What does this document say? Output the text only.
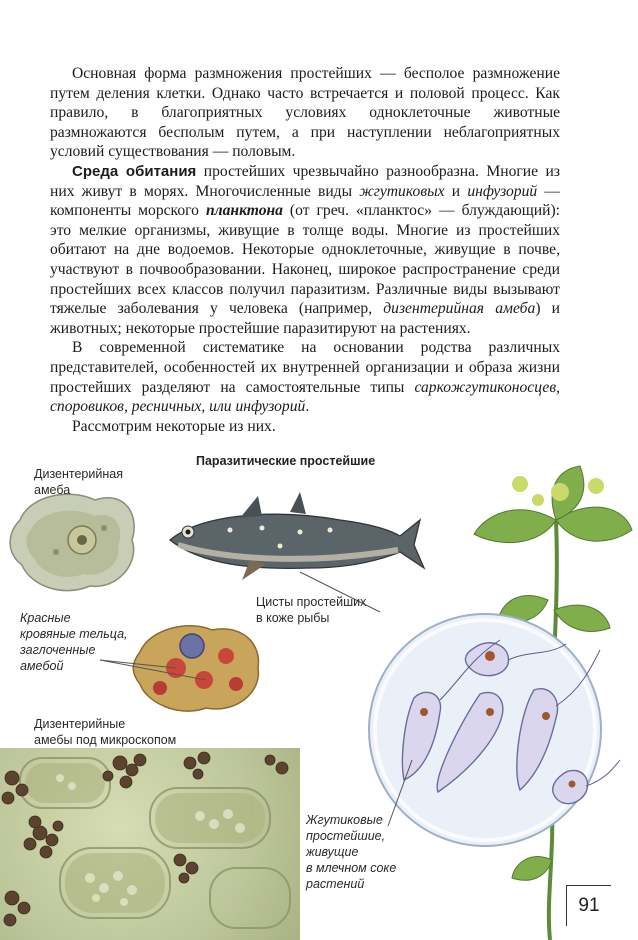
Основная форма размножения простейших — бесполое размножение путем деления клетки. Однако часто встречается и половой процесс. Как правило, в благоприятных условиях одноклеточные животные размножаются бесполым путем, а при наступлении неблагоприятных условий существования — половым.

Среда обитания простейших чрезвычайно разнообразна. Многие из них живут в морях. Многочисленные виды жгутиковых и инфузорий — компоненты морского планктона (от греч. «планктос» — блуждающий): это мелкие организмы, живущие в толще воды. Многие из простейших обитают на дне водоемов. Некоторые одноклеточные, живущие в почве, участвуют в почвообразовании. Наконец, широкое распространение среди простейших всех классов получил паразитизм. Различные виды вызывают тяжелые заболевания у человека (например, дизентерийная амеба) и животных; некоторые простейшие паразитируют на растениях.

В современной систематике на основании родства различных представителей, особенностей их внутренней организации и образа жизни простейших разделяют на самостоятельные типы саркожгутиконосцев, споровиков, ресничных, или инфузорий.

Рассмотрим некоторые из них.

Паразитические простейшие
Дизентерийная
амеба
Красные
кровяные тельца,
заглоченные
амебой
Цисты простейших
в коже рыбы
Дизентерийные
амебы под микроскопом
Жгутиковые
простейшие,
живущие
в млечном соке
растений
91
